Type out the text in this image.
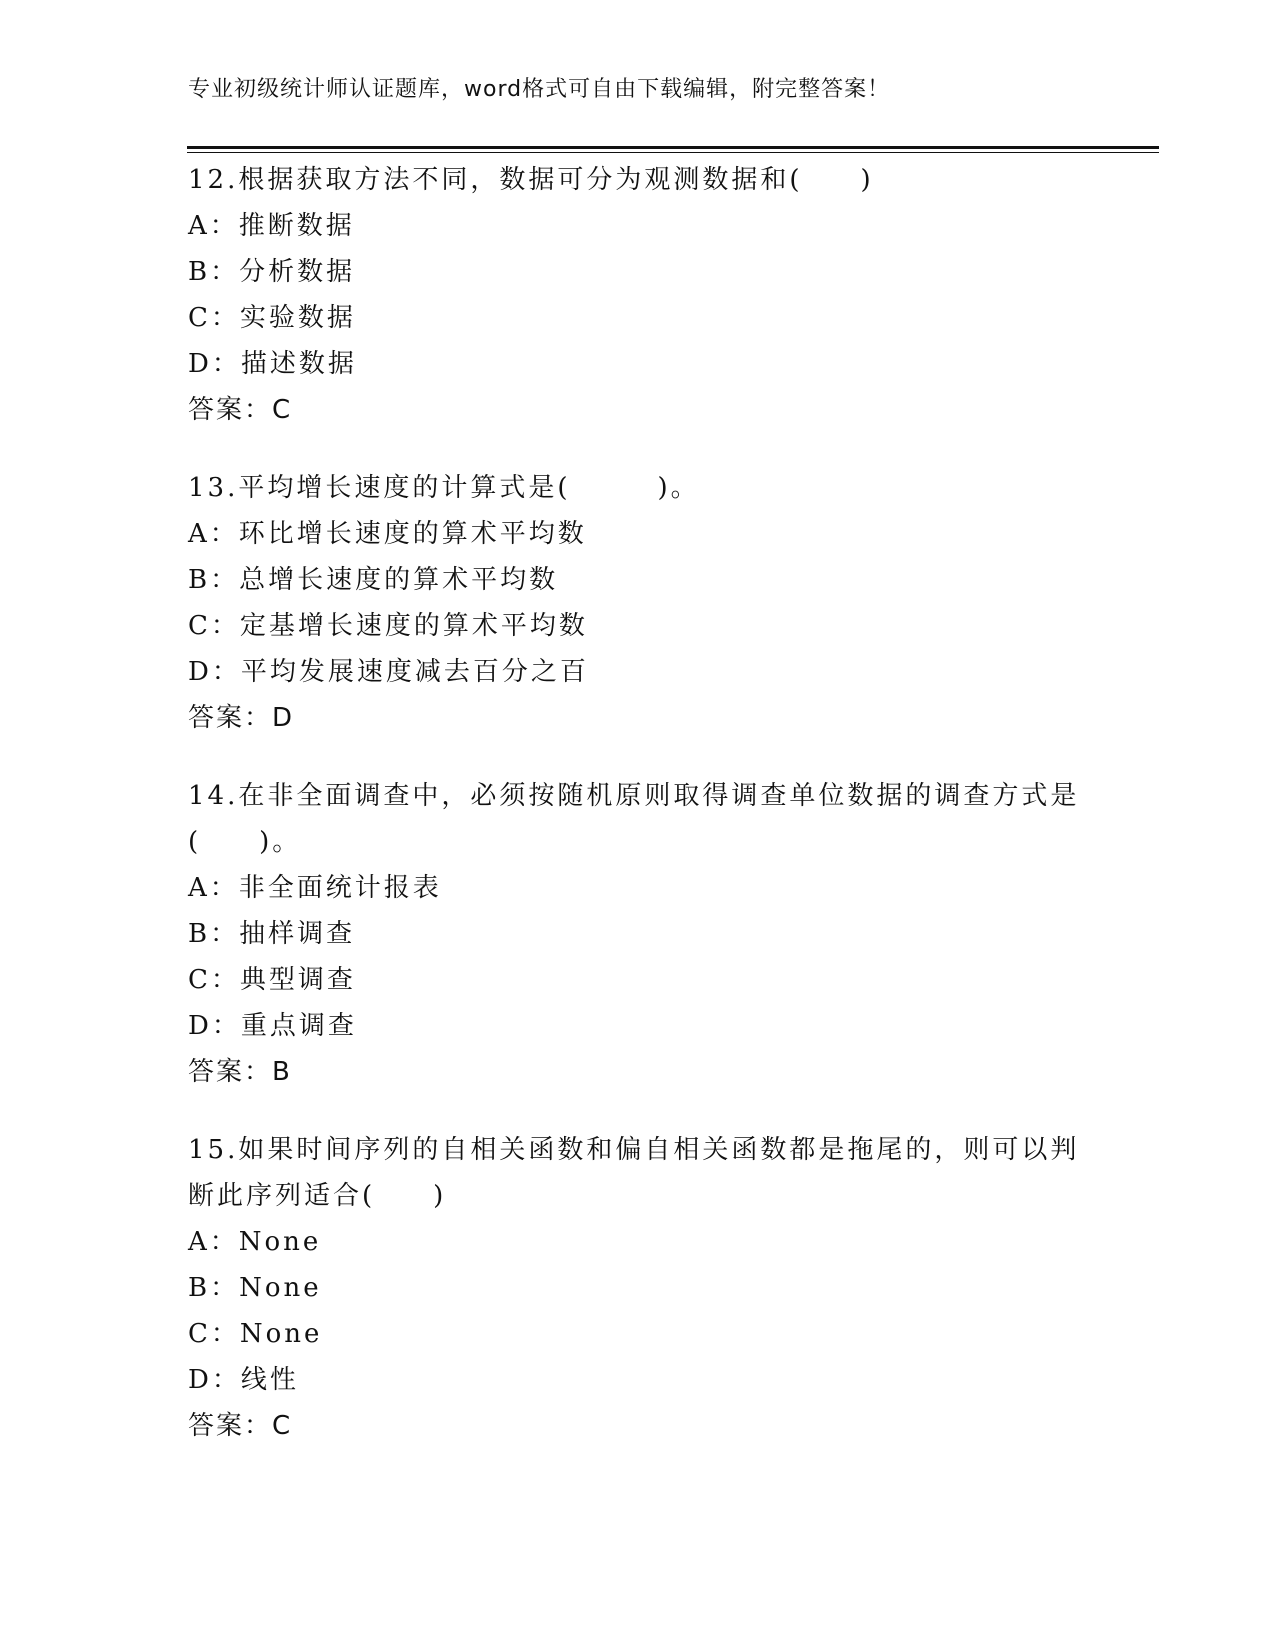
专业初级统计师认证题库，word格式可自由下载编辑，附完整答案！
12.根据获取方法不同，数据可分为观测数据和(　　)
A：推断数据
B：分析数据
C：实验数据
D：描述数据
答案：C
13.平均增长速度的计算式是(　　　)。
A：环比增长速度的算术平均数
B：总增长速度的算术平均数
C：定基增长速度的算术平均数
D：平均发展速度减去百分之百
答案：D
14.在非全面调查中，必须按随机原则取得调查单位数据的调查方式是(　　)。
A：非全面统计报表
B：抽样调查
C：典型调查
D：重点调查
答案：B
15.如果时间序列的自相关函数和偏自相关函数都是拖尾的，则可以判断此序列适合(　　)
A：None
B：None
C：None
D：线性
答案：C
